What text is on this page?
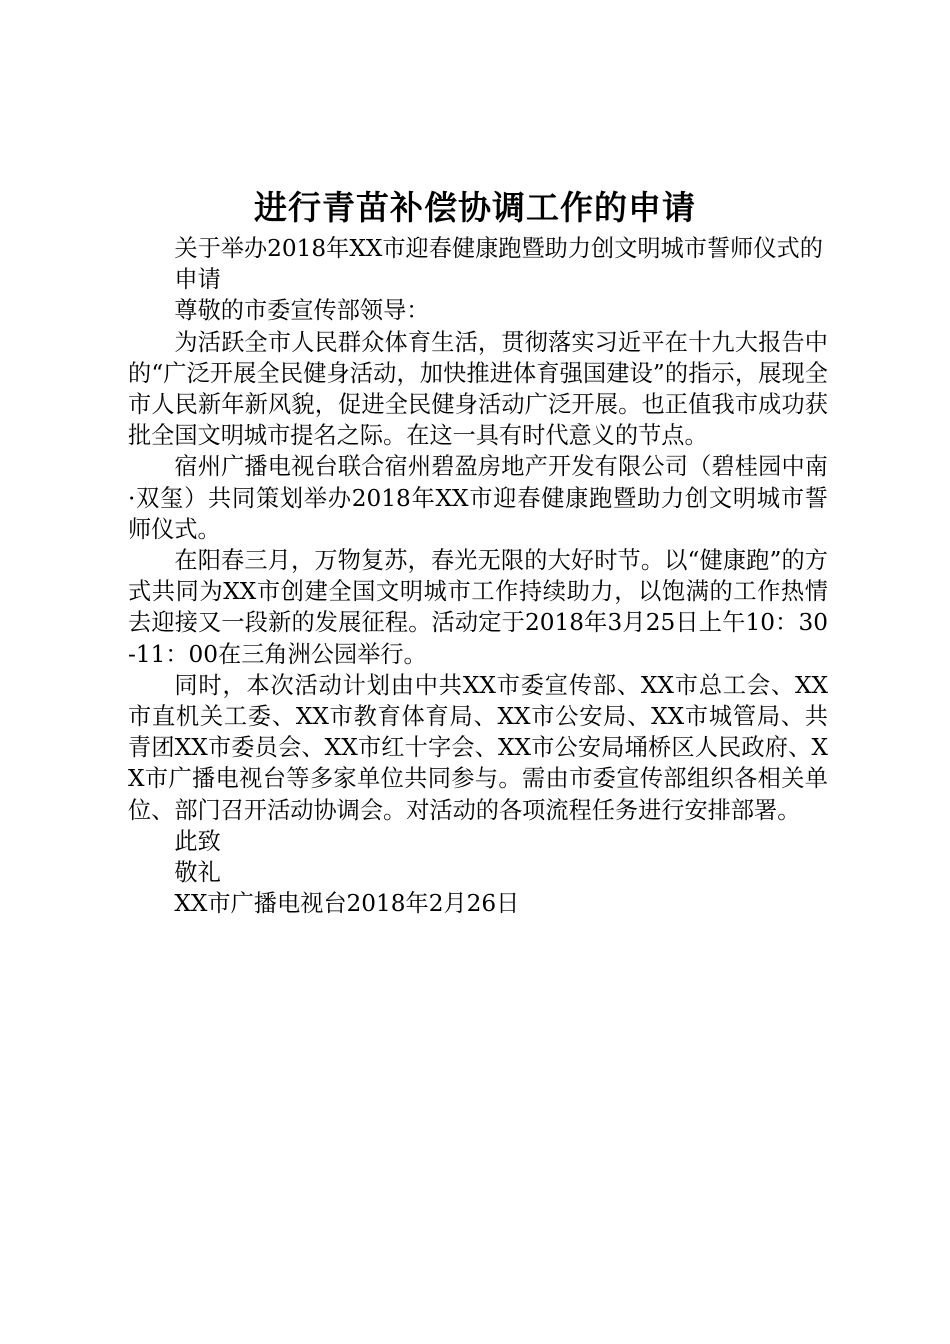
进行青苗补偿协调工作的申请

关于举办2018年XX市迎春健康跑暨助力创文明城市誓师仪式的

申请

尊敬的市委宣传部领导：

为活跃全市人民群众体育生活，贯彻落实习近平在十九大报告中的“广泛开展全民健身活动，加快推进体育强国建设”的指示，展现全市人民新年新风貌，促进全民健身活动广泛开展。也正值我市成功获批全国文明城市提名之际。在这一具有时代意义的节点。

宿州广播电视台联合宿州碧盈房地产开发有限公司（碧桂园中南·双玺）共同策划举办2018年XX市迎春健康跑暨助力创文明城市誓师仪式。

在阳春三月，万物复苏，春光无限的大好时节。以“健康跑”的方式共同为XX市创建全国文明城市工作持续助力，以饱满的工作热情去迎接又一段新的发展征程。活动定于2018年3月25日上午10：30-11：00在三角洲公园举行。

同时，本次活动计划由中共XX市委宣传部、XX市总工会、XX市直机关工委、XX市教育体育局、XX市公安局、XX市城管局、共青团XX市委员会、XX市红十字会、XX市公安局埇桥区人民政府、XX市广播电视台等多家单位共同参与。需由市委宣传部组织各相关单位、部门召开活动协调会。对活动的各项流程任务进行安排部署。

此致

敬礼

XX市广播电视台2018年2月26日
